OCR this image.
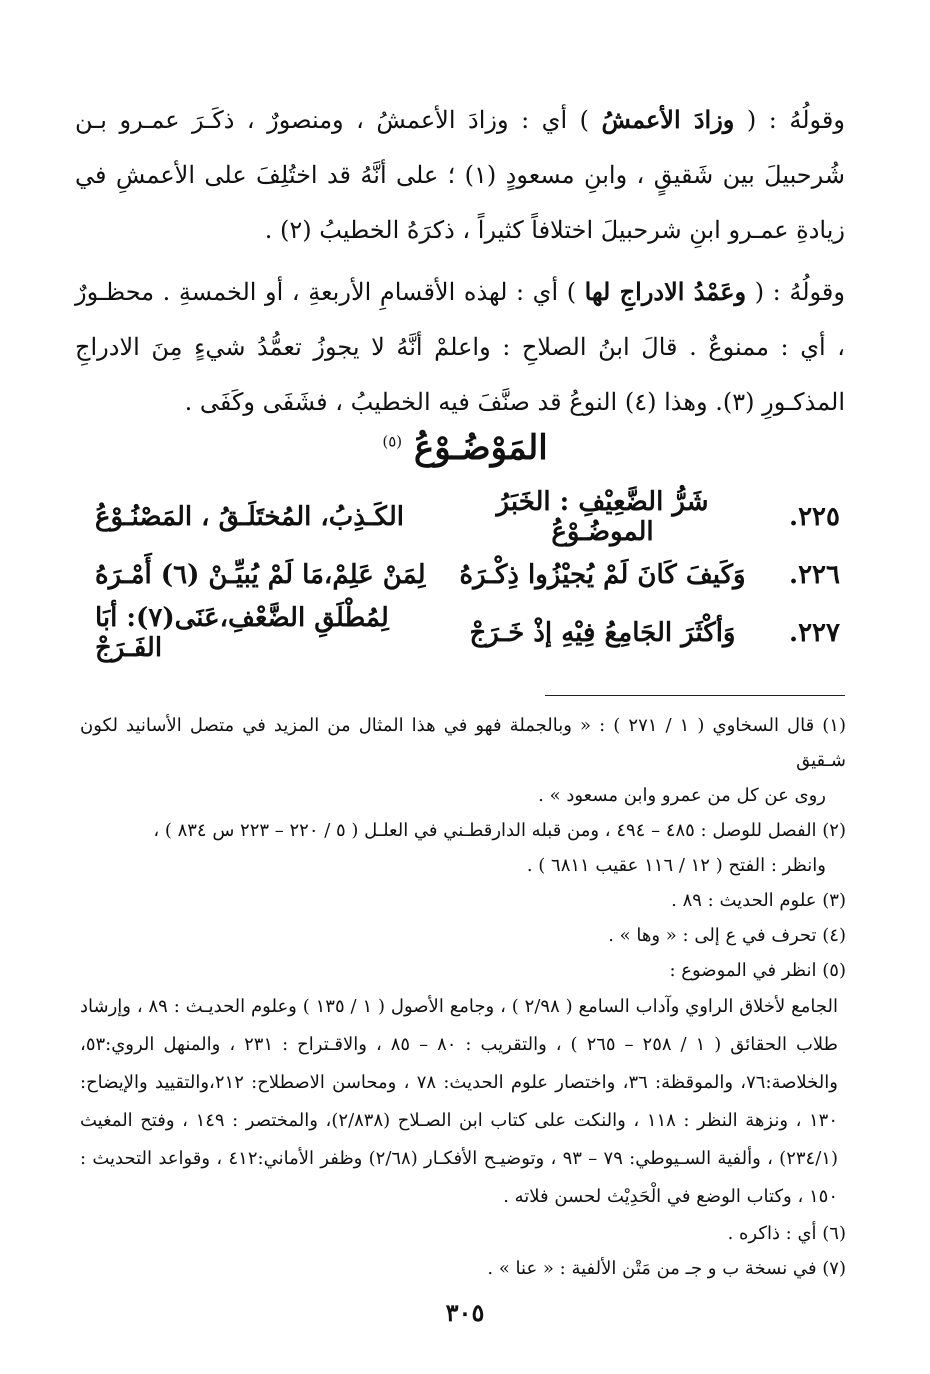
وقولُهُ : ( وزادَ الأعمشُ ) أي : وزادَ الأعمشُ ، ومنصورٌ ، ذكَـرَ عمـرو بـن شُرحبيلَ بين شَقيقٍ ، وابنِ مسعودٍ (١) ؛ على أنَّهُ قد اختُلِفَ على الأعمشِ في زيادةِ عمـرو ابنِ شرحبيلَ اختلافاً كثيراً ، ذكرَهُ الخطيبُ (٢) .

وقولُهُ : ( وعَمْدُ الادراجِ لها ) أي : لهذه الأقسامِ الأربعةِ ، أو الخمسةِ . محظـورٌ ، أي : ممنوعٌ . قالَ ابنُ الصلاحِ : واعلمْ أنَّهُ لا يجوزُ تعمُّدُ شيءٍ مِنَ الادراجِ المذكـورِ (٣). وهذا (٤) النوعُ قد صنَّفَ فيه الخطيبُ ، فشَفَى وكَفَى .

المَوْضُـوْعُ $^{(٥)}$
٢٢٥.
شَرُّ الضَّعِيْفِ : الخَبَرُ الموضُـوْعُ
الكَـذِبُ، المُختَلَـقُ ، المَصْنُـوْعُ
٢٢٦.
وَكَيفَ كَانَ لَمْ يُجيْزُوا ذِكْـرَهُ
لِمَنْ عَلِمْ،مَا لَمْ يُبيِّـنْ (٦) أَمْـرَهُ
٢٢٧.
وَأكْثَرَ الجَامِعُ فِيْهِ إذْ خَـرَجْ
لِمُطْلَقِ الضَّعْفِ،عَنَى(٧): أبَا الفَـرَجْ

(١) قال السخاوي ( ١ / ٢٧١ ) : « وبالجملة فهو في هذا المثال من المزيد في متصل الأسانيد لكون شـقيق

روى عن كل من عمرو وابن مسعود » .

(٢) الفصل للوصل : ٤٨٥ – ٤٩٤ ، ومن قبله الدارقطـني في العلـل ( ٥ / ٢٢٠ – ٢٢٣ س ٨٣٤ ) ،

وانظر : الفتح ( ١٢ / ١١٦ عقيب ٦٨١١ ) .

(٣) علوم الحديث : ٨٩ .

(٤) تحرف في ع إلى : « وها » .

(٥) انظر في الموضوع :

الجامع لأخلاق الراوي وآداب السامع ( ٢/٩٨ ) ، وجامع الأصول ( ١ / ١٣٥ ) وعلوم الحديـث : ٨٩ ، وإرشاد طلاب الحقائق ( ١ / ٢٥٨ – ٢٦٥ ) ، والتقريب : ٨٠ – ٨٥ ، والاقـتراح : ٢٣١ ، والمنهل الروي:٥٣، والخلاصة:٧٦، والموقظة: ٣٦، واختصار علوم الحديث: ٧٨ ، ومحاسن الاصطلاح: ٢١٢،والتقييد والإيضاح: ١٣٠ ، ونزهة النظر : ١١٨ ، والنكت على كتاب ابن الصـلاح (٢/٨٣٨)، والمختصر : ١٤٩ ، وفتح المغيث (٢٣٤/١) ، وألفية السـيوطي: ٧٩ – ٩٣ ، وتوضيـح الأفكـار (٢/٦٨) وظفر الأماني:٤١٢ ، وقواعد التحديث : ١٥٠ ، وكتاب الوضع في الْحَدِيْث لحسن فلاته .

(٦) أي : ذاكره .

(٧) في نسخة ب و جـ من مَتْن الألفية : « عنا » .

٣٠٥
